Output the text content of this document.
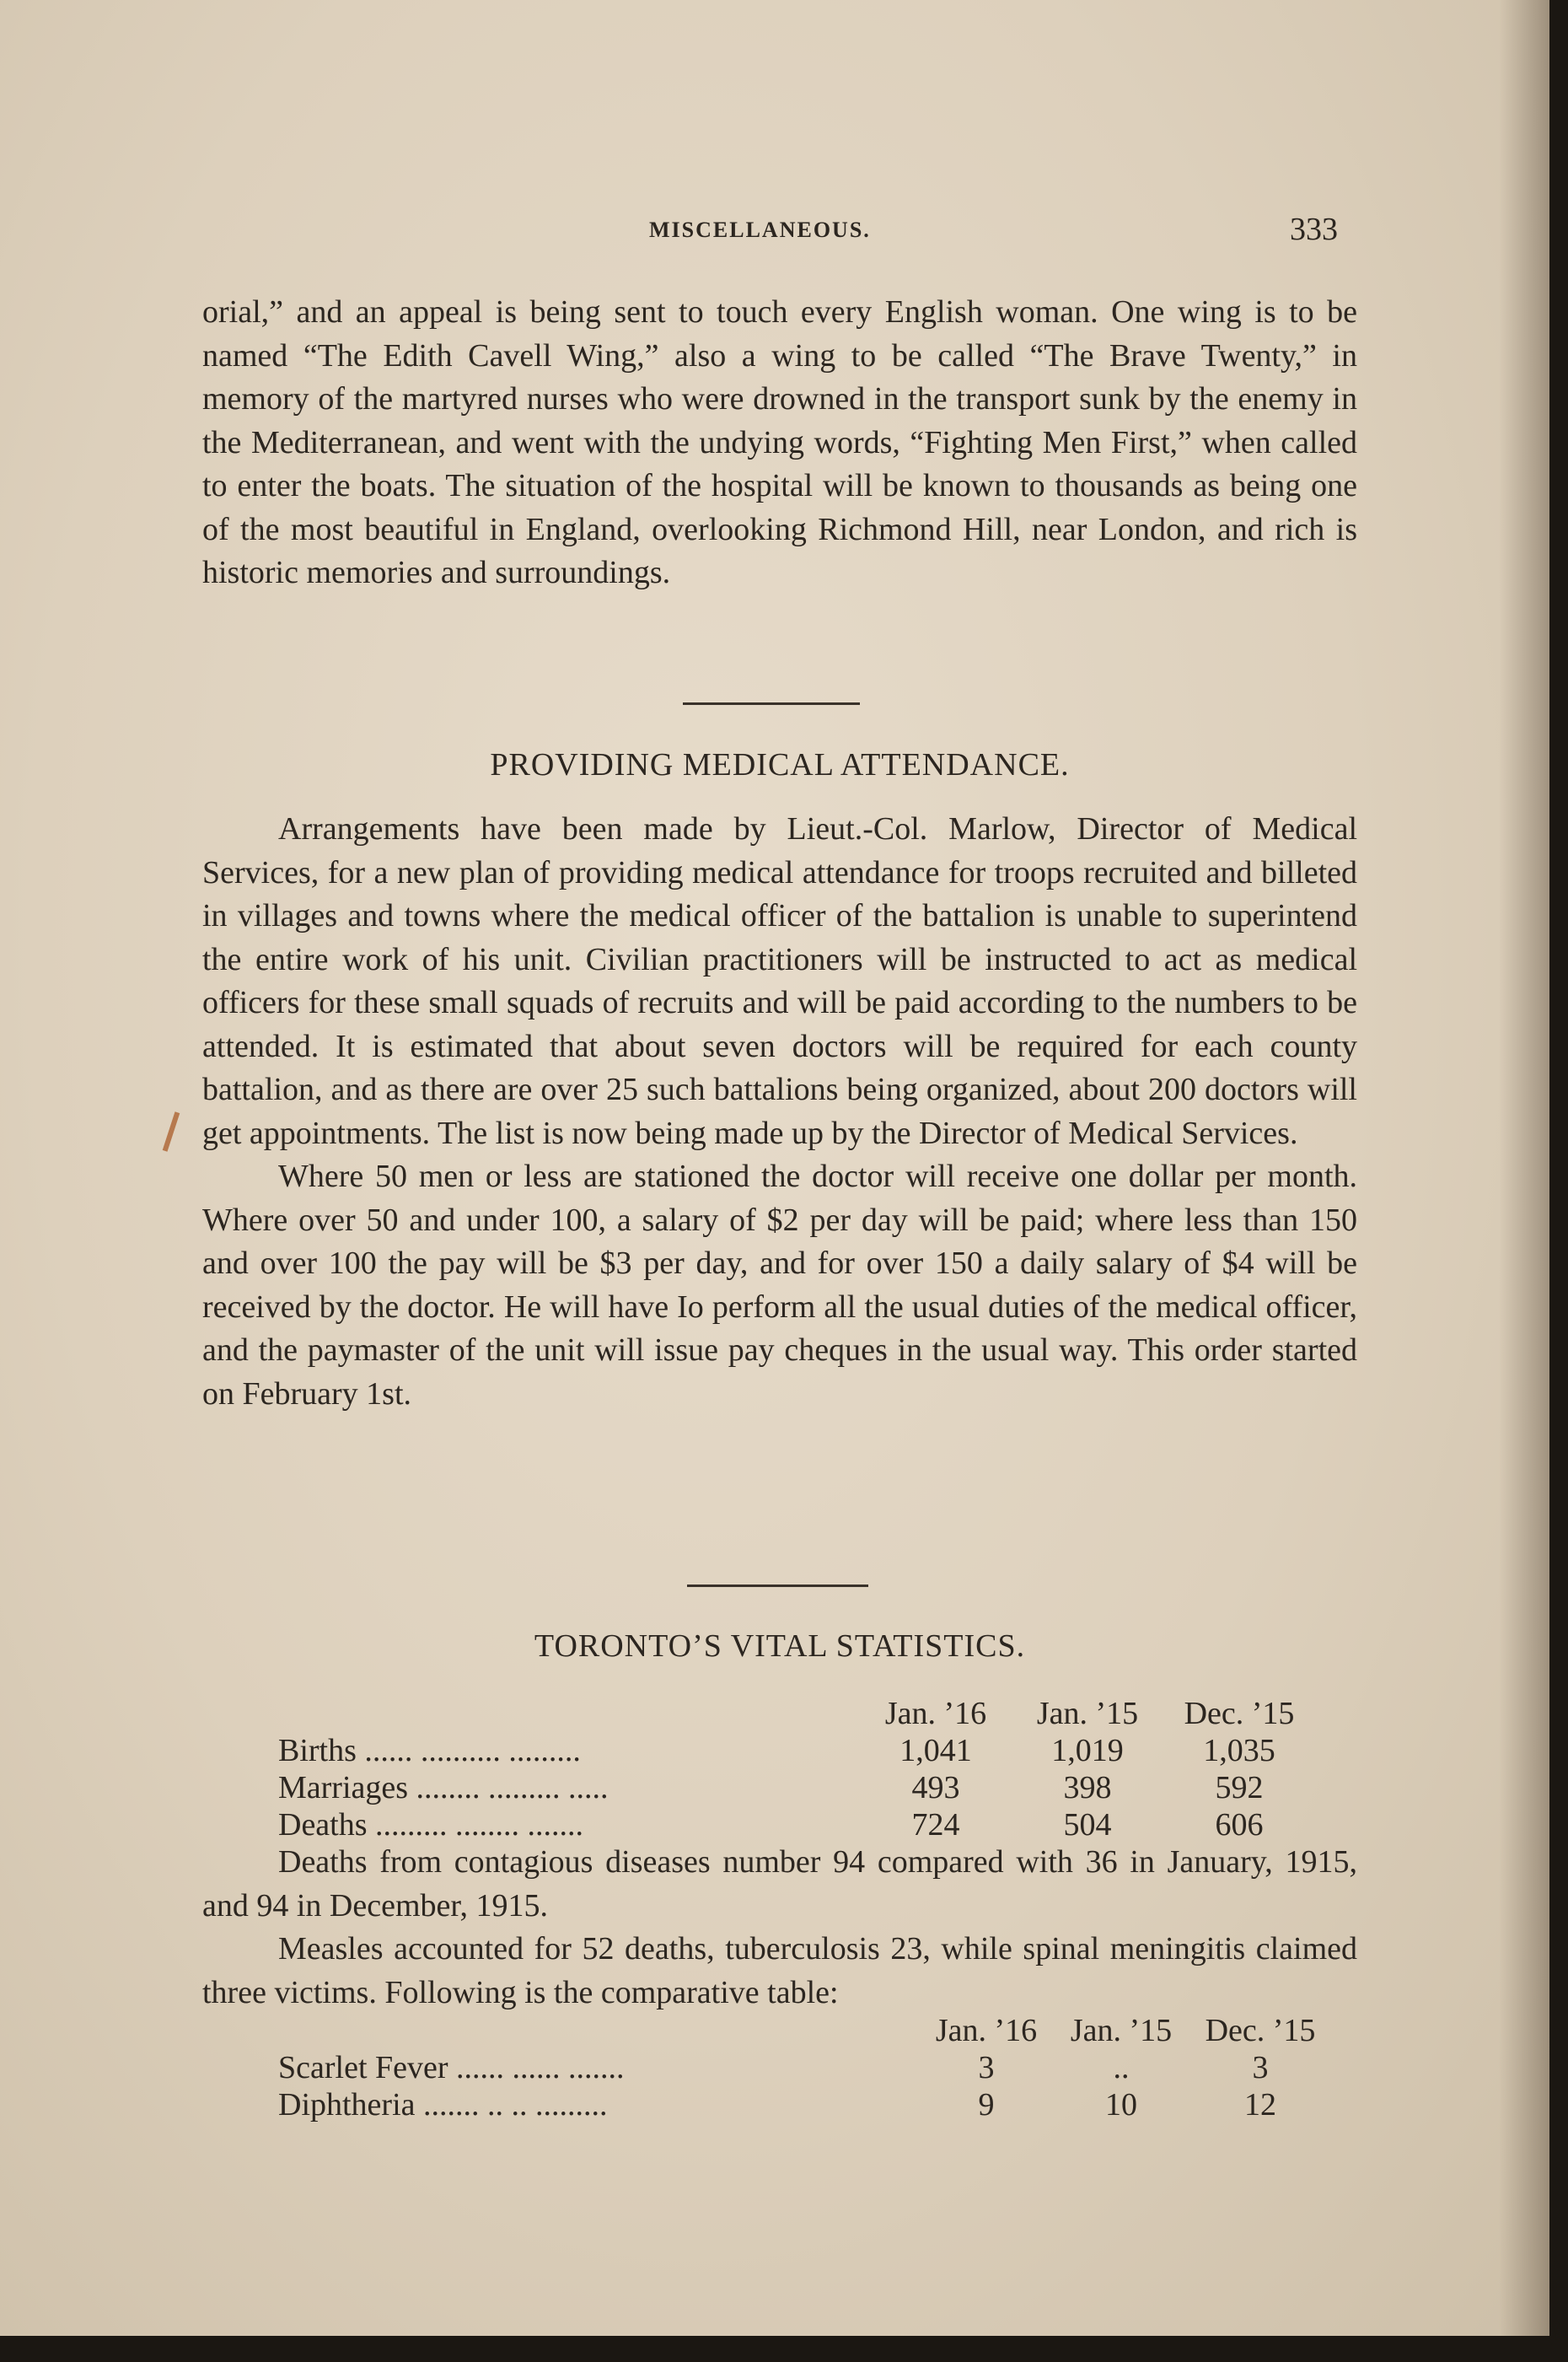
MISCELLANEOUS.	333

orial,” and an appeal is being sent to touch every English woman. One wing is to be named “The Edith Cavell Wing,” also a wing to be called “The Brave Twenty,” in memory of the martyred nurses who were drowned in the transport sunk by the enemy in the Mediterranean, and went with the undying words, “Fighting Men First,” when called to enter the boats. The situation of the hospital will be known to thousands as being one of the most beautiful in England, overlooking Richmond Hill, near London, and rich is historic memories and surroundings.

PROVIDING MEDICAL ATTENDANCE.

Arrangements have been made by Lieut.-Col. Marlow, Director of Medical Services, for a new plan of providing medical attendance for troops recruited and billeted in villages and towns where the medical officer of the battalion is unable to superintend the entire work of his unit. Civilian practitioners will be instructed to act as medical officers for these small squads of recruits and will be paid according to the numbers to be attended. It is estimated that about seven doctors will be required for each county battalion, and as there are over 25 such battalions being organized, about 200 doctors will get appointments. The list is now being made up by the Director of Medical Services.

Where 50 men or less are stationed the doctor will receive one dollar per month. Where over 50 and under 100, a salary of $2 per day will be paid; where less than 150 and over 100 the pay will be $3 per day, and for over 150 a daily salary of $4 will be received by the doctor. He will have Io perform all the usual duties of the medical officer, and the paymaster of the unit will issue pay cheques in the usual way. This order started on February 1st.

TORONTO’S VITAL STATISTICS.
Jan. ’16	Jan. ’15	Dec. ’15
Births ...... .......... .........	1,041	1,019	1,035
Marriages ........ ......... .....	493	398	592
Deaths ......... ........ .......	724	504	606

Deaths from contagious diseases number 94 compared with 36 in January, 1915, and 94 in December, 1915.

Measles accounted for 52 deaths, tuberculosis 23, while spinal meningitis claimed three victims. Following is the comparative table:

Jan. ’16	Jan. ’15	Dec. ’15
Scarlet Fever ...... ...... .......	3	..	3
Diphtheria ....... .. .. .........	9	10	12
